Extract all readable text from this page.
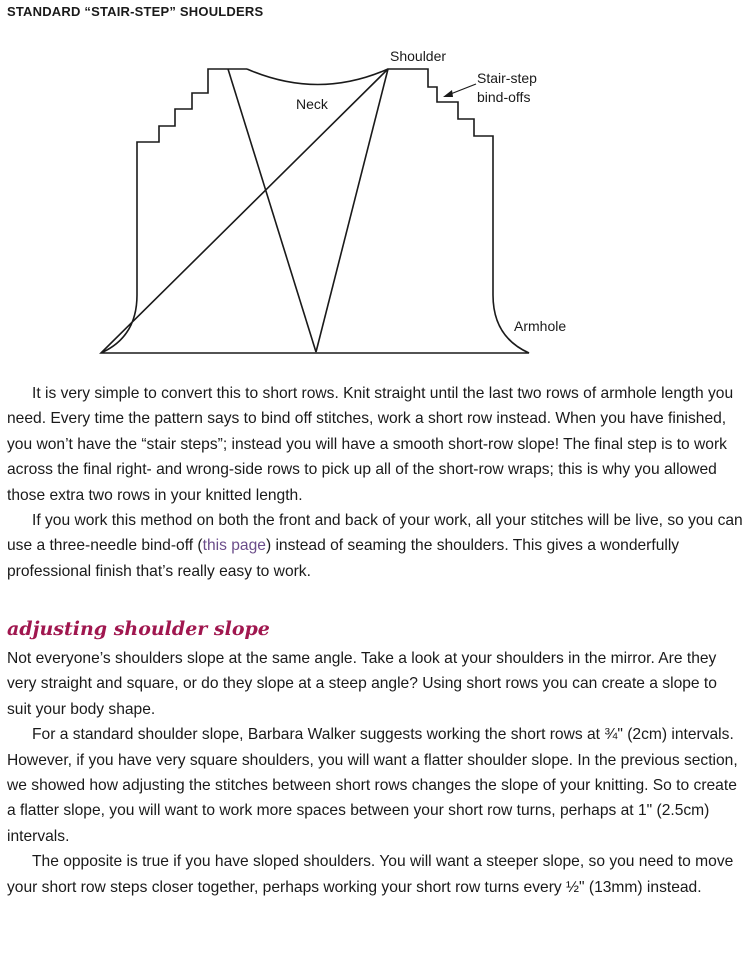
STANDARD “STAIR-STEP” SHOULDERS
Shoulder
Stair-step
bind-offs
Neck
Armhole

It is very simple to convert this to short rows. Knit straight until the last two rows of armhole length you need. Every time the pattern says to bind off stitches, work a short row instead. When you have finished, you won’t have the “stair steps”; instead you will have a smooth short-row slope! The final step is to work across the final right- and wrong-side rows to pick up all of the short-row wraps; this is why you allowed those extra two rows in your knitted length.

If you work this method on both the front and back of your work, all your stitches will be live, so you can use a three-needle bind-off (this page) instead of seaming the shoulders. This gives a wonderfully professional finish that’s really easy to work.

adjusting shoulder slope

Not everyone’s shoulders slope at the same angle. Take a look at your shoulders in the mirror. Are they very straight and square, or do they slope at a steep angle? Using short rows you can create a slope to suit your body shape.

For a standard shoulder slope, Barbara Walker suggests working the short rows at ¾" (2cm) intervals. However, if you have very square shoulders, you will want a flatter shoulder slope. In the previous section, we showed how adjusting the stitches between short rows changes the slope of your knitting. So to create a flatter slope, you will want to work more spaces between your short row turns, perhaps at 1" (2.5cm) intervals.

The opposite is true if you have sloped shoulders. You will want a steeper slope, so you need to move your short row steps closer together, perhaps working your short row turns every ½" (13mm) instead.
